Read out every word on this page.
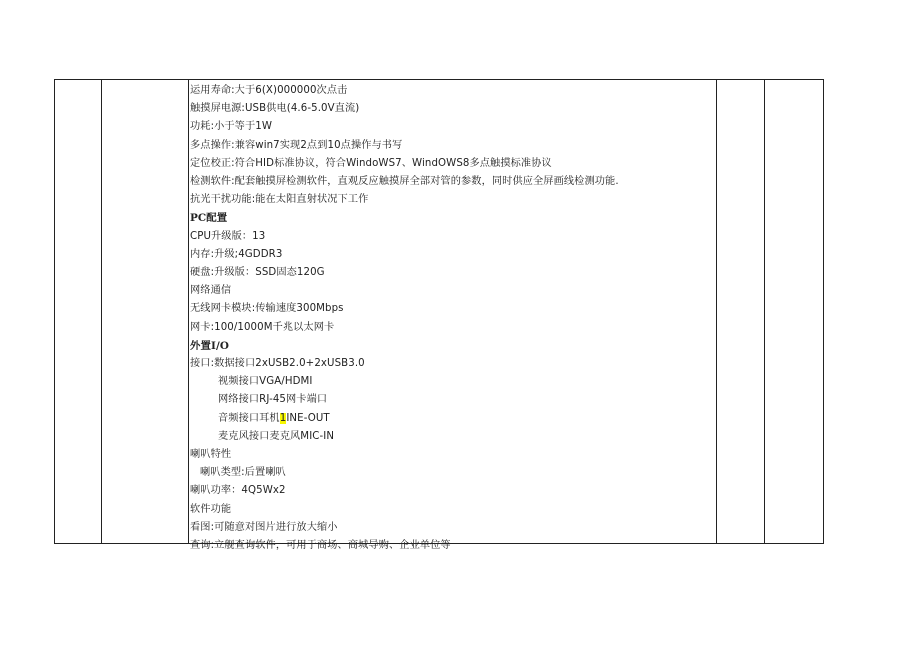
运用寿命:大于6(X)000000次点击
触摸屏电源:USB供电(4.6-5.0V直流)
功耗:小于等于1W
多点操作:兼容win7实现2点到10点操作与书写
定位校正:符合HID标准协议，符合WindoWS7、WindOWS8多点触摸标准协议
检测软件:配套触摸屏检测软件，直观反应触摸屏全部对管的参数，同时供应全屏画线检测功能.
抗光干扰功能:能在太阳直射状况下工作
PC配置
CPU升级版：13
内存:升级;4GDDR3
硬盘:升级版：SSD固态120G
网络通信
无线网卡模块:传输速度300Mbps
网卡:100/1000M千兆以太网卡
外置I/O
接口:数据接口2xUSB2.0+2xUSB3.0
视频接口VGA/HDMI
网络接口RJ-45网卡端口
音频接口耳机1INE-OUT
麦克风接口麦克风MIC-IN
喇叭特性
喇叭类型:后置喇叭
喇叭功率：4Q5Wx2
软件功能
看图:可随意对图片进行放大缩小
查询:立舰查询软件，可用于商场、商城导购、企业单位等
